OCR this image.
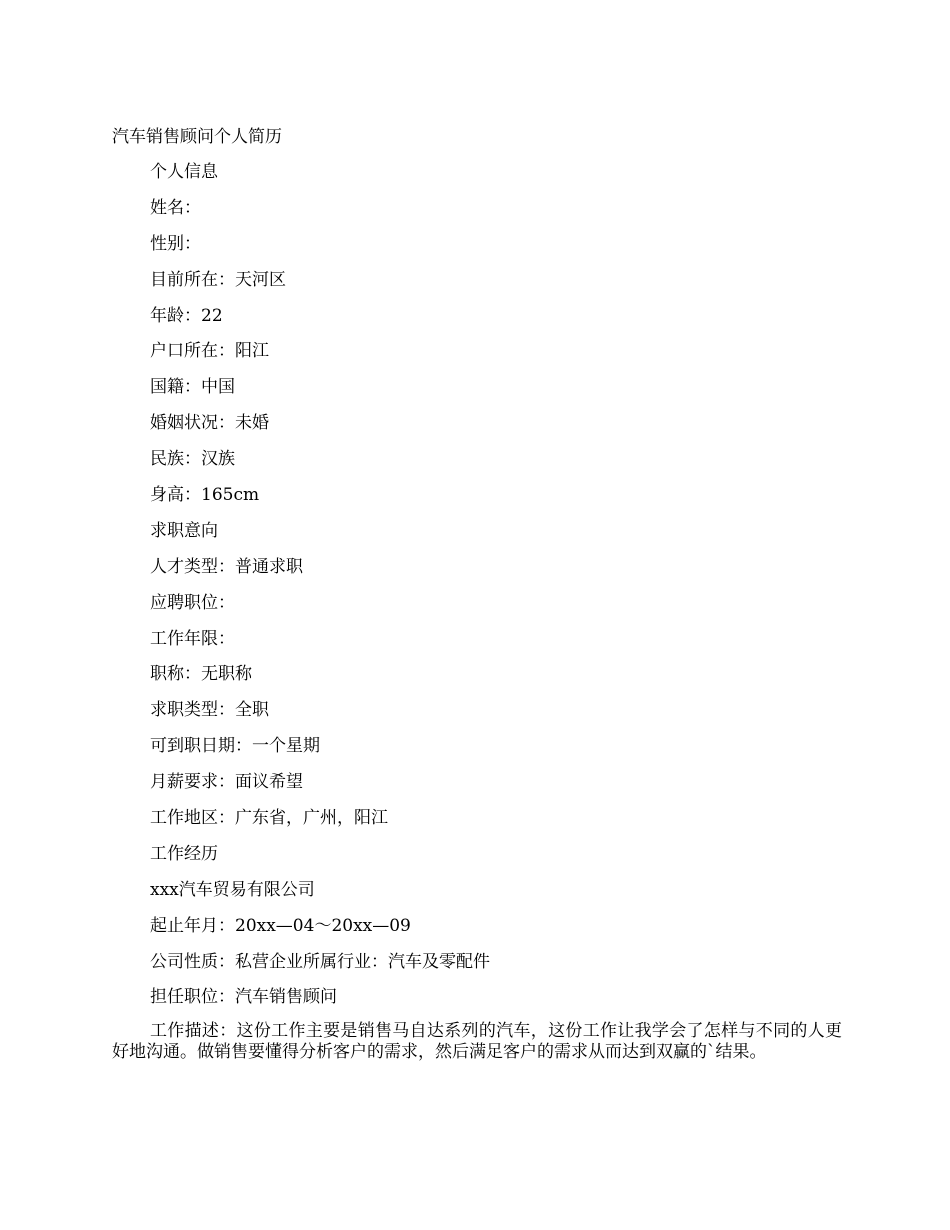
汽车销售顾问个人简历
个人信息
姓名：
性别：
目前所在：天河区
年龄：22
户口所在：阳江
国籍：中国
婚姻状况：未婚
民族：汉族
身高：165cm
求职意向
人才类型：普通求职
应聘职位：
工作年限：
职称：无职称
求职类型：全职
可到职日期：一个星期
月薪要求：面议希望
工作地区：广东省，广州，阳江
工作经历
xxx汽车贸易有限公司
起止年月：20xx—04～20xx—09
公司性质：私营企业所属行业：汽车及零配件
担任职位：汽车销售顾问

工作描述：这份工作主要是销售马自达系列的汽车，这份工作让我学会了怎样与不同的人更好地沟通。做销售要懂得分析客户的需求，然后满足客户的需求从而达到双赢的`结果。
